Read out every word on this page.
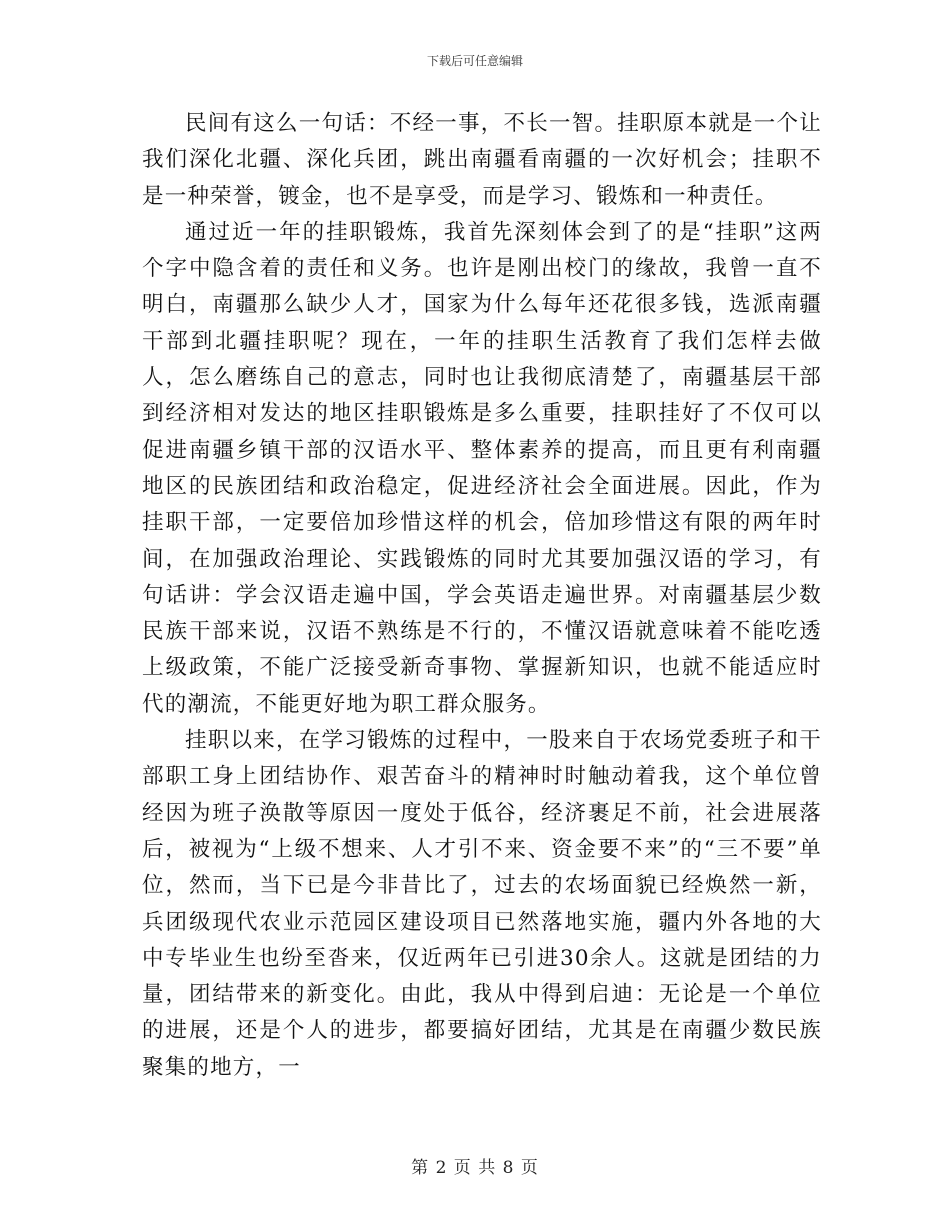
下载后可任意编辑

民间有这么一句话：不经一事，不长一智。挂职原本就是一个让我们深化北疆、深化兵团，跳出南疆看南疆的一次好机会；挂职不是一种荣誉，镀金，也不是享受，而是学习、锻炼和一种责任。

通过近一年的挂职锻炼，我首先深刻体会到了的是“挂职”这两个字中隐含着的责任和义务。也许是刚出校门的缘故，我曾一直不明白，南疆那么缺少人才，国家为什么每年还花很多钱，选派南疆干部到北疆挂职呢？现在，一年的挂职生活教育了我们怎样去做人，怎么磨练自己的意志，同时也让我彻底清楚了，南疆基层干部到经济相对发达的地区挂职锻炼是多么重要，挂职挂好了不仅可以促进南疆乡镇干部的汉语水平、整体素养的提高，而且更有利南疆地区的民族团结和政治稳定，促进经济社会全面进展。因此，作为挂职干部，一定要倍加珍惜这样的机会，倍加珍惜这有限的两年时间，在加强政治理论、实践锻炼的同时尤其要加强汉语的学习，有句话讲：学会汉语走遍中国，学会英语走遍世界。对南疆基层少数民族干部来说，汉语不熟练是不行的，不懂汉语就意味着不能吃透上级政策，不能广泛接受新奇事物、掌握新知识，也就不能适应时代的潮流，不能更好地为职工群众服务。

挂职以来，在学习锻炼的过程中，一股来自于农场党委班子和干部职工身上团结协作、艰苦奋斗的精神时时触动着我，这个单位曾经因为班子涣散等原因一度处于低谷，经济裹足不前，社会进展落后，被视为“上级不想来、人才引不来、资金要不来”的“三不要”单位，然而，当下已是今非昔比了，过去的农场面貌已经焕然一新，兵团级现代农业示范园区建设项目已然落地实施，疆内外各地的大中专毕业生也纷至沓来，仅近两年已引进30余人。这就是团结的力量，团结带来的新变化。由此，我从中得到启迪：无论是一个单位的进展，还是个人的进步，都要搞好团结，尤其是在南疆少数民族聚集的地方，一

第 2 页 共 8 页
